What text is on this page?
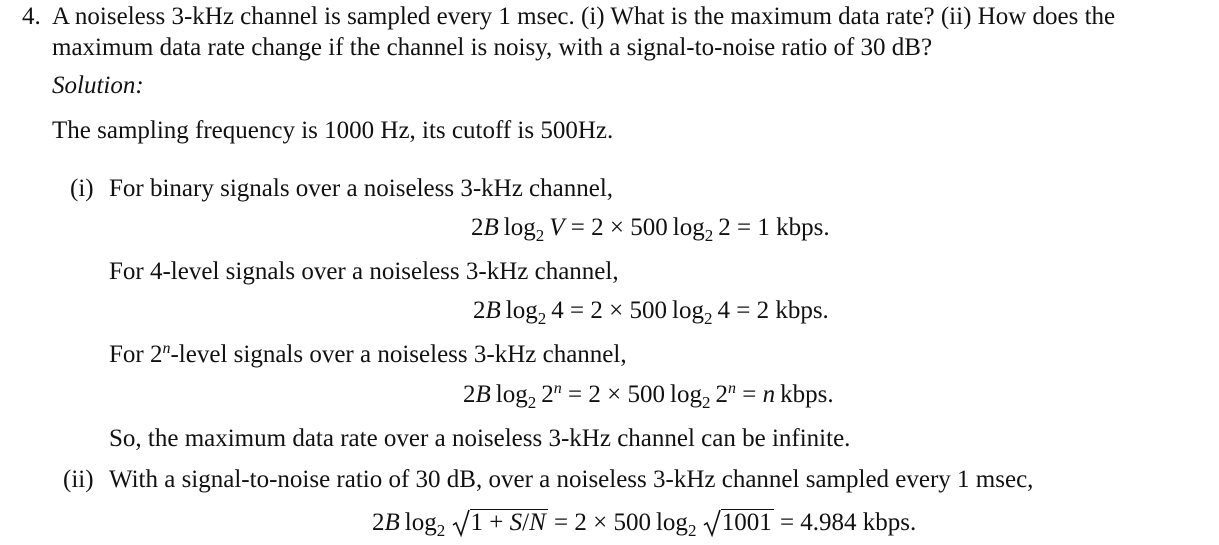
4. A noiseless 3-kHz channel is sampled every 1 msec. (i) What is the maximum data rate? (ii) How does the
maximum data rate change if the channel is noisy, with a signal-to-noise ratio of 30 dB?
Solution:
The sampling frequency is 1000 Hz, its cutoff is 500Hz.
(i) For binary signals over a noiseless 3-kHz channel,
2B  $\log_2 V = 2 \times 500$  $\log_2 2 = 1$ kbps.
For 4-level signals over a noiseless 3-kHz channel,
2B  $\log_2 4 = 2 \times 500$  $\log_2 4 = 2$ kbps.
For 2$^n$-level signals over a noiseless 3-kHz channel,
2B  $\log_2 2^n = 2 \times 500$  $\log_2 2^n = n$  kbps.
So, the maximum data rate over a noiseless 3-kHz channel can be infinite.
(ii) With a signal-to-noise ratio of 30 dB, over a noiseless 3-kHz channel sampled every 1 msec,
2B  $\log_2 1 + S/N = 2 \times 500$  $\log_2 1001 = 4.984$ kbps.
